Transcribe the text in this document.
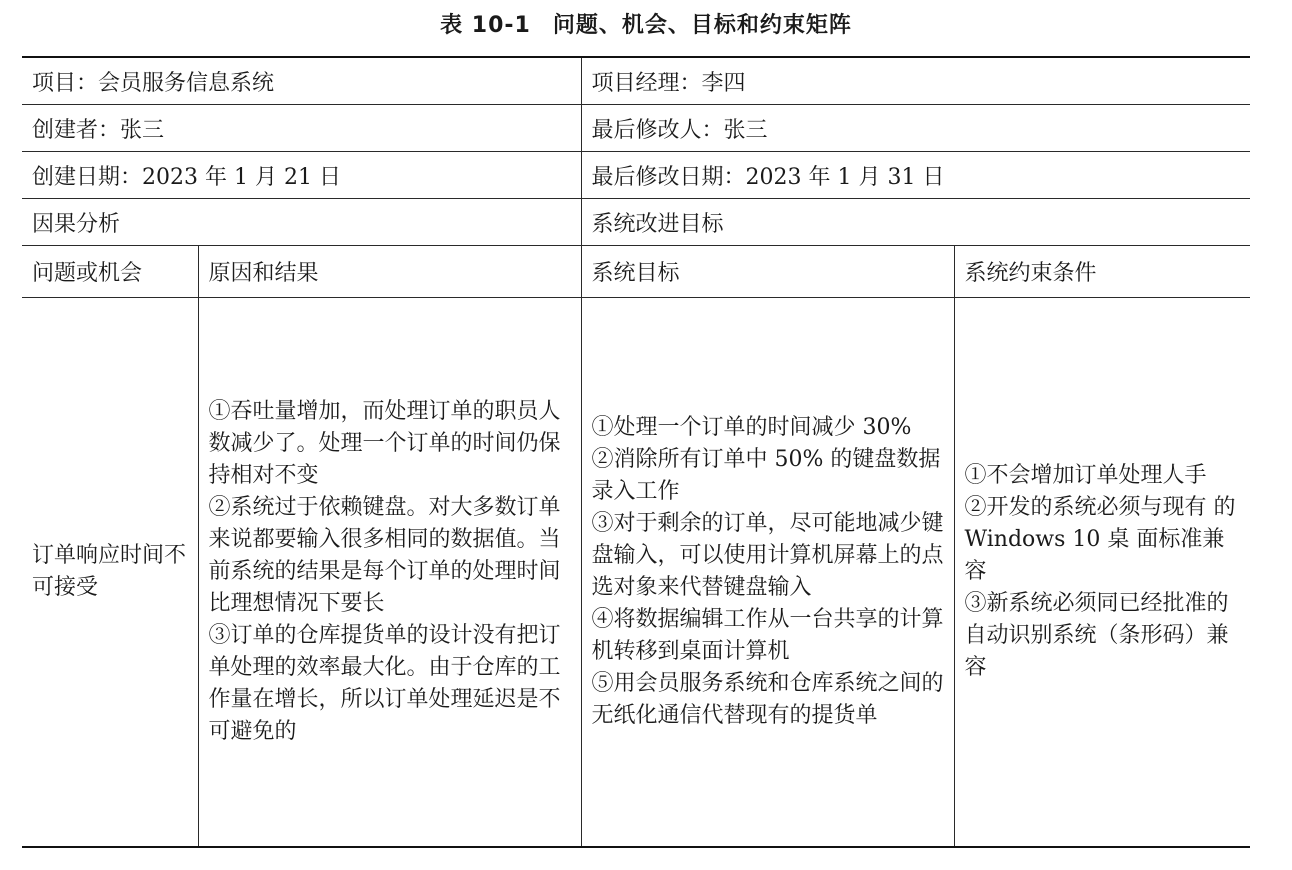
表 10-1 问题、机会、目标和约束矩阵
项目：会员服务信息系统		项目经理：李四	
创建者：张三		最后修改人：张三	
创建日期：2023 年 1 月 21 日		最后修改日期：2023 年 1 月 31 日	
因果分析		系统改进目标	
问题或机会	原因和结果	系统目标	系统约束条件
订单响应时间不可接受	①吞吐量增加，而处理订单的职员人数减少了。处理一个订单的时间仍保持相对不变
②系统过于依赖键盘。对大多数订单来说都要输入很多相同的数据值。当前系统的结果是每个订单的处理时间比理想情况下要长
③订单的仓库提货单的设计没有把订单处理的效率最大化。由于仓库的工作量在增长，所以订单处理延迟是不可避免的	①处理一个订单的时间减少 30%
②消除所有订单中 50% 的键盘数据录入工作
③对于剩余的订单，尽可能地减少键盘输入，可以使用计算机屏幕上的点选对象来代替键盘输入
④将数据编辑工作从一台共享的计算机转移到桌面计算机
⑤用会员服务系统和仓库系统之间的无纸化通信代替现有的提货单	①不会增加订单处理人手
②开发的系统必须与现有 的 Windows 10 桌 面标准兼容
③新系统必须同已经批准的自动识别系统（条形码）兼容
